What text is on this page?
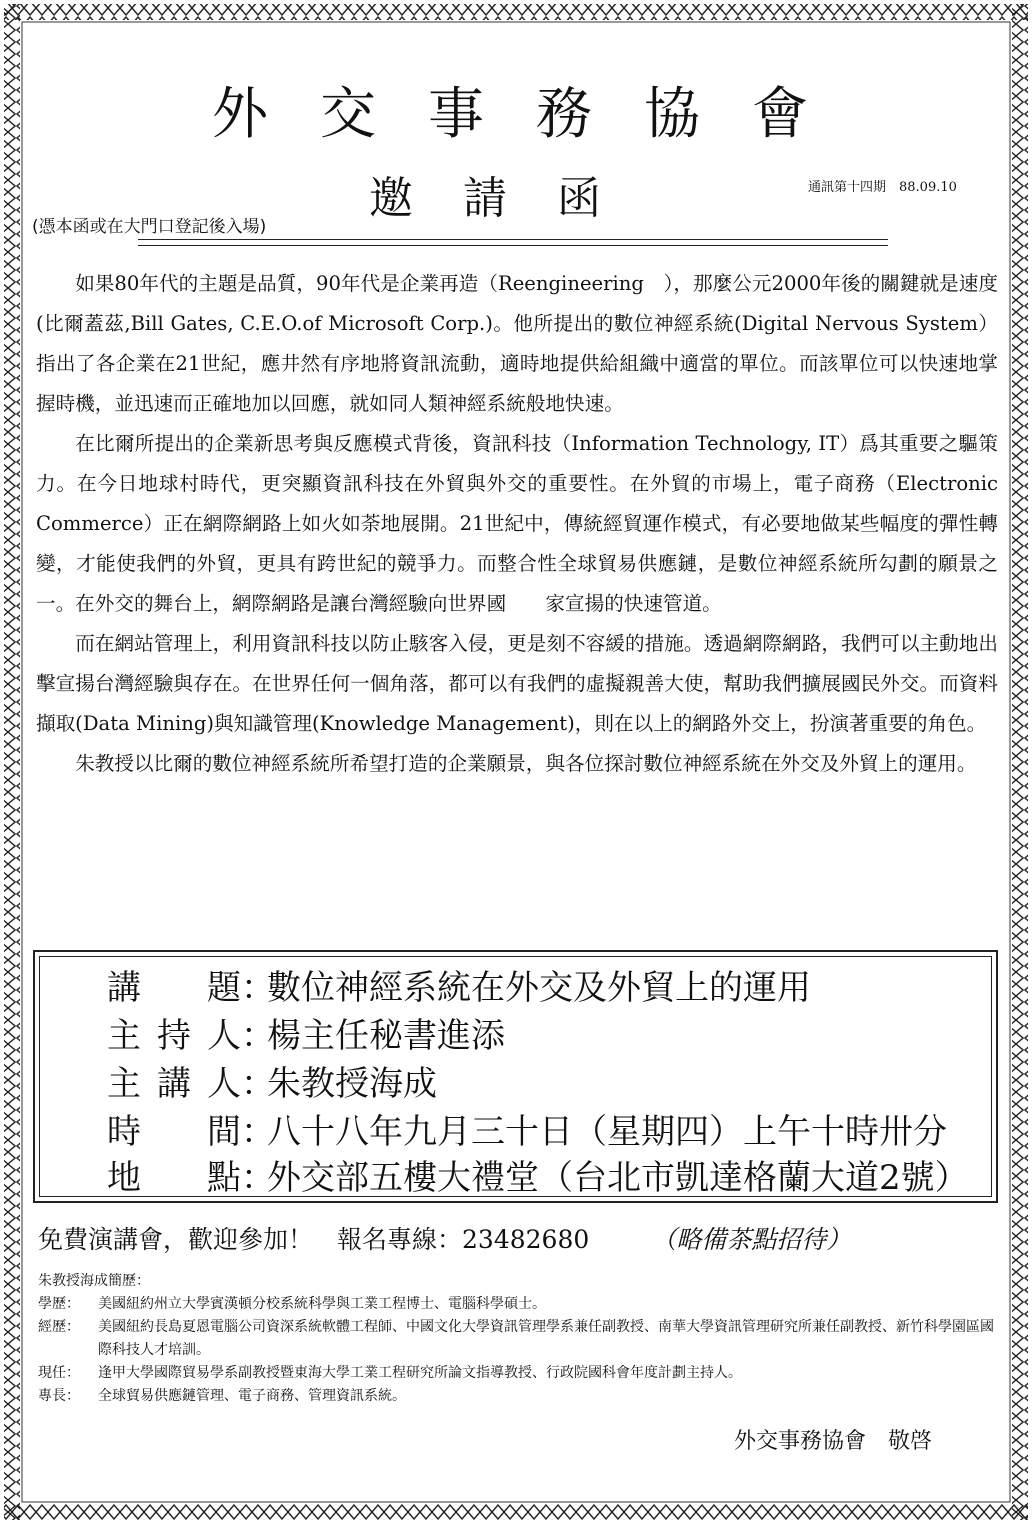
外交事務協會
邀請函	通訊第十四期　88.09.10
(憑本函或在大門口登記後入場)

如果80年代的主題是品質，90年代是企業再造（Reengineering　），那麼公元2000年後的關鍵就是速度(比爾蓋茲,Bill Gates, C.E.O.of Microsoft Corp.)。他所提出的數位神經系統(Digital Nervous System）指出了各企業在21世紀，應井然有序地將資訊流動，適時地提供給組織中適當的單位。而該單位可以快速地掌握時機，並迅速而正確地加以回應，就如同人類神經系統般地快速。

在比爾所提出的企業新思考與反應模式背後，資訊科技（Information Technology, IT）爲其重要之驅策力。在今日地球村時代，更突顯資訊科技在外貿與外交的重要性。在外貿的市場上，電子商務（Electronic Commerce）正在網際網路上如火如荼地展開。21世紀中，傳統經貿運作模式，有必要地做某些幅度的彈性轉變，才能使我們的外貿，更具有跨世紀的競爭力。而整合性全球貿易供應鏈，是數位神經系統所勾劃的願景之一。在外交的舞台上，網際網路是讓台灣經驗向世界國　　家宣揚的快速管道。

而在網站管理上，利用資訊科技以防止駭客入侵，更是刻不容緩的措施。透過網際網路，我們可以主動地出擊宣揚台灣經驗與存在。在世界任何一個角落，都可以有我們的虛擬親善大使，幫助我們擴展國民外交。而資料擷取(Data Mining)與知識管理(Knowledge Management)，則在以上的網路外交上，扮演著重要的角色。

朱教授以比爾的數位神經系統所希望打造的企業願景，與各位探討數位神經系統在外交及外貿上的運用。

講題：數位神經系統在外交及外貿上的運用
主持人：楊主任秘書進添
主講人：朱教授海成
時間：八十八年九月三十日（星期四）上午十時卅分
地點：外交部五樓大禮堂（台北市凱達格蘭大道2號）
免費演講會，歡迎參加！ 報名專線：23482680 （略備茶點招待）
朱教授海成簡歷：
學歷：	美國紐約州立大學賓漢頓分校系統科學與工業工程博士、電腦科學碩士。
經歷：	美國紐約長島夏恩電腦公司資深系統軟體工程師、中國文化大學資訊管理學系兼任副教授、南華大學資訊管理研究所兼任副教授、新竹科學園區國際科技人才培訓。
現任：	逢甲大學國際貿易學系副教授暨東海大學工業工程研究所論文指導教授、行政院國科會年度計劃主持人。
專長：	全球貿易供應鏈管理、電子商務、管理資訊系統。
外交事務協會　敬啓
